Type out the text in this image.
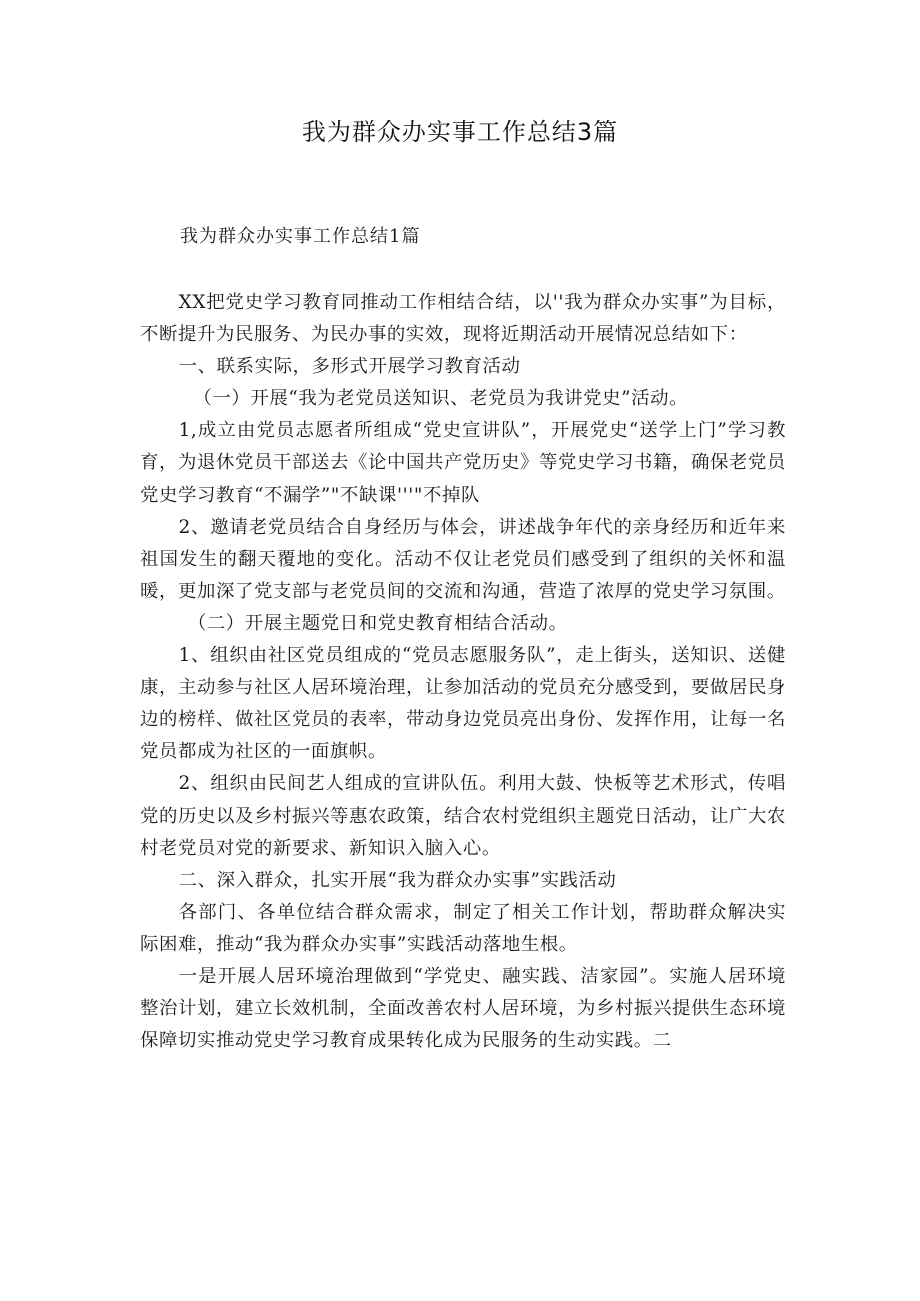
我为群众办实事工作总结3篇
我为群众办实事工作总结1篇

XX把党史学习教育同推动工作相结合结，以''我为群众办实事”为目标，不断提升为民服务、为民办事的实效，现将近期活动开展情况总结如下：

一、联系实际，多形式开展学习教育活动

（一）开展“我为老党员送知识、老党员为我讲党史”活动。

1,成立由党员志愿者所组成“党史宣讲队”，开展党史“送学上门”学习教育，为退休党员干部送去《论中国共产党历史》等党史学习书籍，确保老党员党史学习教育“不漏学”"不缺课'''"不掉队

2、邀请老党员结合自身经历与体会，讲述战争年代的亲身经历和近年来祖国发生的翻天覆地的变化。活动不仅让老党员们感受到了组织的关怀和温暖，更加深了党支部与老党员间的交流和沟通，营造了浓厚的党史学习氛围。

（二）开展主题党日和党史教育相结合活动。

1、组织由社区党员组成的“党员志愿服务队”，走上街头，送知识、送健康，主动参与社区人居环境治理，让参加活动的党员充分感受到，要做居民身边的榜样、做社区党员的表率，带动身边党员亮出身份、发挥作用，让每一名党员都成为社区的一面旗帜。

2、组织由民间艺人组成的宣讲队伍。利用大鼓、快板等艺术形式，传唱党的历史以及乡村振兴等惠农政策，结合农村党组织主题党日活动，让广大农村老党员对党的新要求、新知识入脑入心。

二、深入群众，扎实开展“我为群众办实事”实践活动

各部门、各单位结合群众需求，制定了相关工作计划，帮助群众解决实际困难，推动“我为群众办实事”实践活动落地生根。

一是开展人居环境治理做到“学党史、融实践、洁家园”。实施人居环境整治计划，建立长效机制，全面改善农村人居环境，为乡村振兴提供生态环境保障切实推动党史学习教育成果转化成为民服务的生动实践。二
